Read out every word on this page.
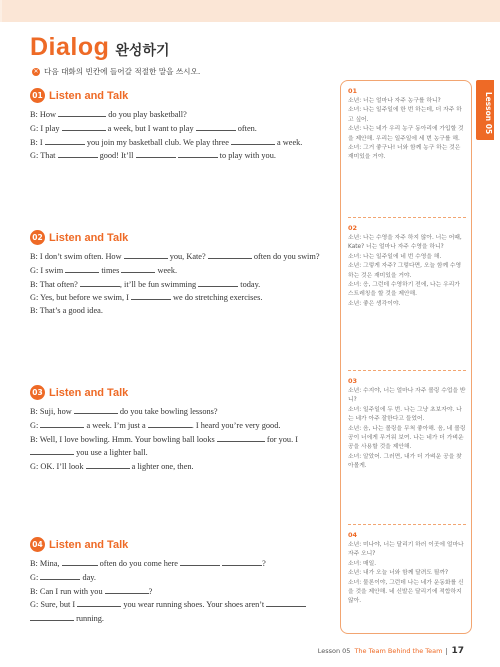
Dialog 완성하기
✕ 다음 대화의 빈칸에 들어갈 적절한 말을 쓰시오.
01 Listen and Talk
B: How	do you play basketball?
G: I play	a week, but I want to play	often.
B: I	you join my basketball club. We play three	a week.
G: That	good! It’ll	to play with you.
02 Listen and Talk
B: I don’t swim often. How	you, Kate?	often do you swim?
G: I swim	times	week.
B: That often?	, it’ll be fun swimming	today.
G: Yes, but before we swim, I	we do stretching exercises.
B: That’s a good idea.
03 Listen and Talk
B: Suji, how	do you take bowling lessons?
G:	a week. I’m just a	. I heard you’re very good.
B: Well, I love bowling. Hmm. Your bowling ball looks	for you. I
you use a lighter ball.
G: OK. I’ll look	a lighter one, then.
04 Listen and Talk
B: Mina,	often do you come here	?
G:	day.
B: Can I run with you	?
G: Sure, but I	you wear running shoes. Your shoes aren’t
running.
01
소년: 너는 얼마나 자주 농구를 하니?
소녀: 나는 일주일에 한 번 하는데, 더 자주 하고 싶어.
소년: 나는 네가 우리 농구 동아리에 가입할 것을 제안해. 우리는 일주일에 세 번 농구를 해.
소녀: 그거 좋구나! 너와 함께 농구 하는 것은 재미있을 거야.
02
소년: 나는 수영을 자주 하지 않아. 너는 어때, Kate? 너는 얼마나 자주 수영을 하니?
소녀: 나는 일주일에 네 번 수영을 해.
소년: 그렇게 자주? 그렇다면, 오늘 함께 수영하는 것은 재미있을 거야.
소녀: 응, 그런데 수영하기 전에, 나는 우리가 스트레칭을 할 것을 제안해.
소년: 좋은 생각이야.
03
소년: 수지야, 너는 얼마나 자주 볼링 수업을 받니?
소녀: 일주일에 두 번. 나는 그냥 초보자야. 나는 네가 아주 잘한다고 들었어.
소년: 음, 나는 볼링을 무척 좋아해. 음, 네 볼링공이 너에게 무거워 보여. 나는 네가 더 가벼운 공을 사용할 것을 제안해.
소녀: 알았어. 그러면, 내가 더 가벼운 공을 찾아볼게.
04
소년: 미나야, 너는 달리기 하러 이곳에 얼마나 자주 오니?
소녀: 매일.
소년: 내가 오늘 너와 함께 달려도 될까?
소녀: 물론이야, 그런데 나는 네가 운동화를 신을 것을 제안해. 네 신발은 달리기에 적합하지 않아.
Lesson 05
Lesson 05 The Team Behind the Team 17
